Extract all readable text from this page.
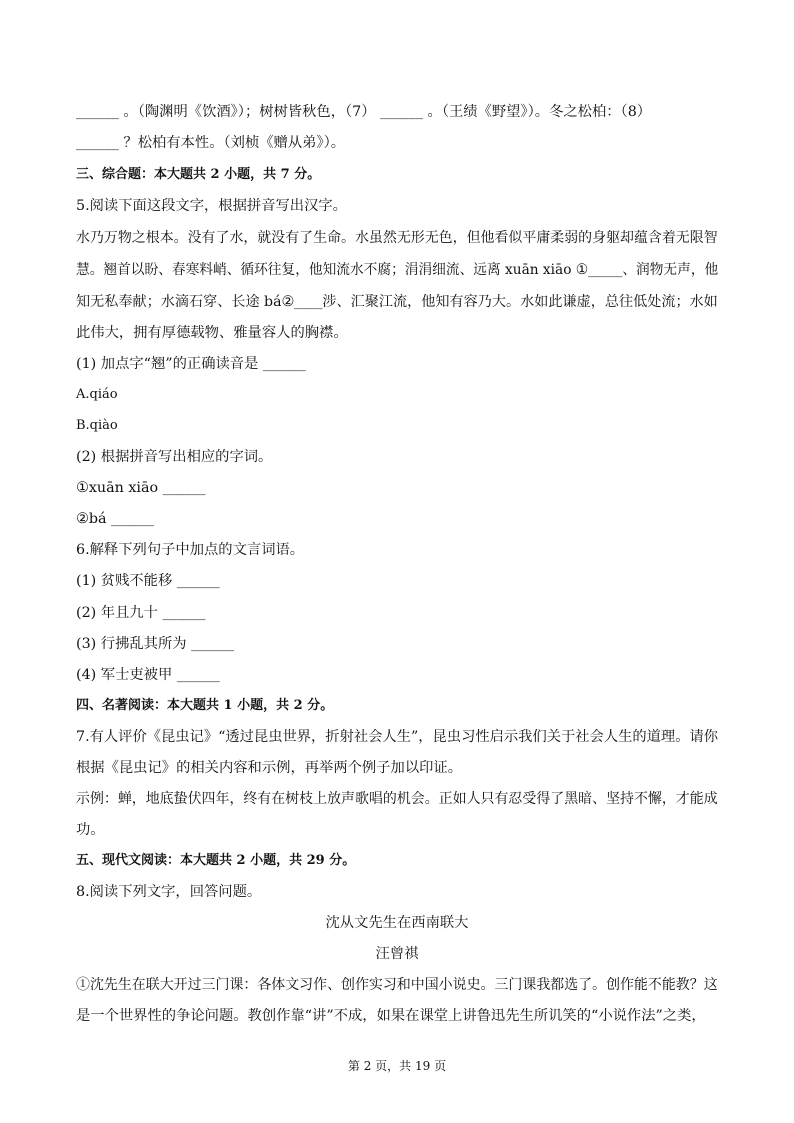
______ 。（陶渊明《饮酒》）；树树皆秋色，（7） ______ 。（王绩《野望》）。冬之松柏：（8）
______ ？松柏有本性。（刘桢《赠从弟》）。
三、综合题：本大题共 2 小题，共 7 分。
5.阅读下面这段文字，根据拼音写出汉字。
水乃万物之根本。没有了水，就没有了生命。水虽然无形无色，但他看似平庸柔弱的身躯却蕴含着无限智
慧。翘首以盼、春寒料峭、循环往复，他知流水不腐；涓涓细流、远离 xuān xiāo ①_____、润物无声，他
知无私奉献；水滴石穿、长途 bá②____涉、汇聚江流，他知有容乃大。水如此谦虚，总往低处流；水如
此伟大，拥有厚德载物、雅量容人的胸襟。
(1) 加点字“翘”的正确读音是 ______
A.qiáo
B.qiào
(2) 根据拼音写出相应的字词。
①xuān xiāo ______
②bá ______
6.解释下列句子中加点的文言词语。
(1) 贫贱不能移 ______
(2) 年且九十 ______
(3) 行拂乱其所为 ______
(4) 军士吏被甲 ______
四、名著阅读：本大题共 1 小题，共 2 分。
7.有人评价《昆虫记》“透过昆虫世界，折射社会人生”，昆虫习性启示我们关于社会人生的道理。请你
根据《昆虫记》的相关内容和示例，再举两个例子加以印证。
示例：蝉，地底蛰伏四年，终有在树枝上放声歌唱的机会。正如人只有忍受得了黑暗、坚持不懈，才能成
功。
五、现代文阅读：本大题共 2 小题，共 29 分。
8.阅读下列文字，回答问题。
沈从文先生在西南联大
汪曾祺
①沈先生在联大开过三门课：各体文习作、创作实习和中国小说史。三门课我都选了。创作能不能教？这
是一个世界性的争论问题。教创作靠“讲”不成，如果在课堂上讲鲁迅先生所讥笑的“小说作法”之类，
第 2 页，共 19 页
